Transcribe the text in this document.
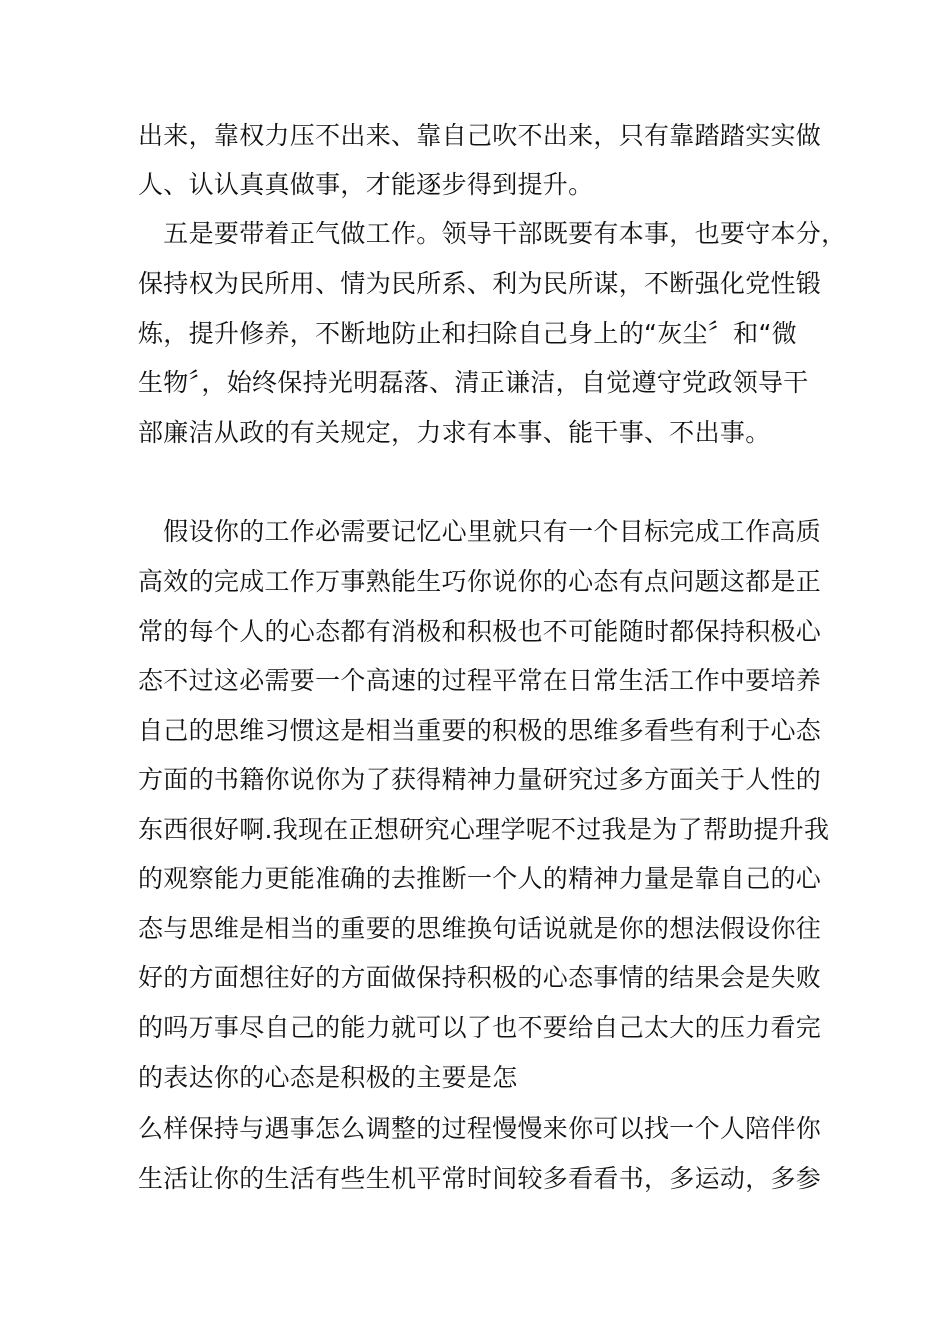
出来，靠权力压不出来、靠自己吹不出来，只有靠踏踏实实做
人、认认真真做事，才能逐步得到提升。
　五是要带着正气做工作。领导干部既要有本事，也要守本分，
保持权为民所用、情为民所系、利为民所谋，不断强化党性锻
炼，提升修养，不断地防止和扫除自己身上的“灰尘〞和“微
生物〞，始终保持光明磊落、清正谦洁，自觉遵守党政领导干
部廉洁从政的有关规定，力求有本事、能干事、不出事。
　假设你的工作必需要记忆心里就只有一个目标完成工作高质
高效的完成工作万事熟能生巧你说你的心态有点问题这都是正
常的每个人的心态都有消极和积极也不可能随时都保持积极心
态不过这必需要一个高速的过程平常在日常生活工作中要培养
自己的思维习惯这是相当重要的积极的思维多看些有利于心态
方面的书籍你说你为了获得精神力量研究过多方面关于人性的
东西很好啊.我现在正想研究心理学呢不过我是为了帮助提升我
的观察能力更能准确的去推断一个人的精神力量是靠自己的心
态与思维是相当的重要的思维换句话说就是你的想法假设你往
好的方面想往好的方面做保持积极的心态事情的结果会是失败
的吗万事尽自己的能力就可以了也不要给自己太大的压力看完
的表达你的心态是积极的主要是怎
么样保持与遇事怎么调整的过程慢慢来你可以找一个人陪伴你
生活让你的生活有些生机平常时间较多看看书，多运动，多参
